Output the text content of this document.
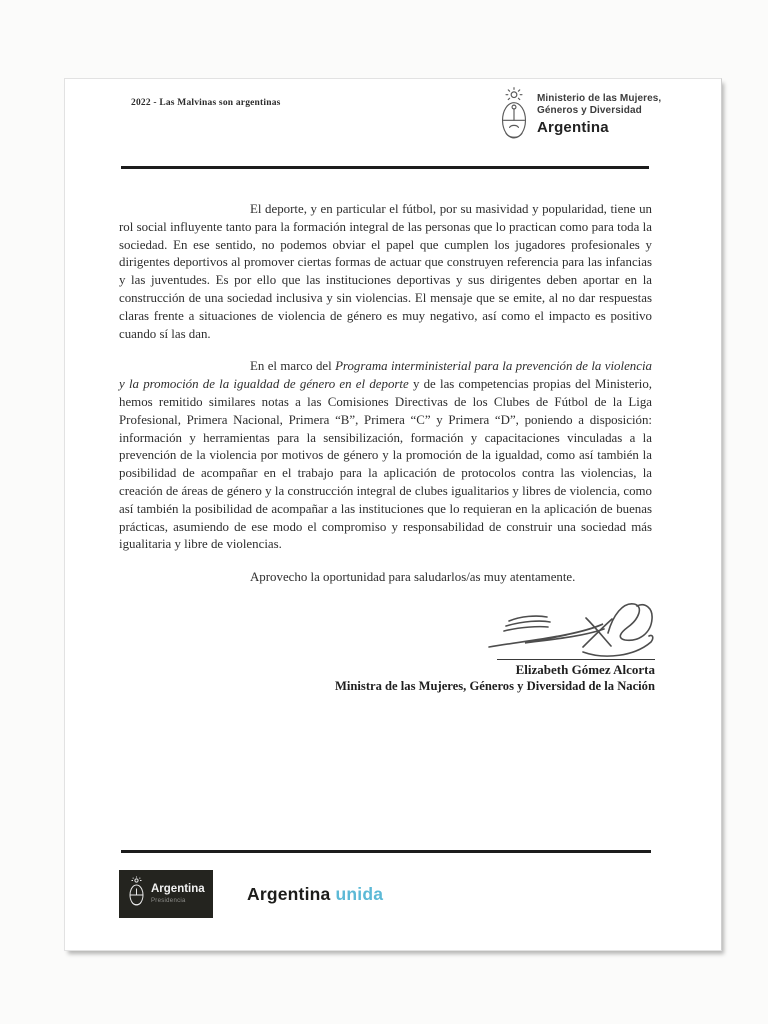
2022 - Las Malvinas son argentinas	Ministerio de las Mujeres,
Géneros y Diversidad
Argentina

El deporte, y en particular el fútbol, por su masividad y popularidad, tiene un rol social influyente tanto para la formación integral de las personas que lo practican como para toda la sociedad. En ese sentido, no podemos obviar el papel que cumplen los jugadores profesionales y dirigentes deportivos al promover ciertas formas de actuar que construyen referencia para las infancias y las juventudes. Es por ello que las instituciones deportivas y sus dirigentes deben aportar en la construcción de una sociedad inclusiva y sin violencias. El mensaje que se emite, al no dar respuestas claras frente a situaciones de violencia de género es muy negativo, así como el impacto es positivo cuando sí las dan.

En el marco del Programa interministerial para la prevención de la violencia y la promoción de la igualdad de género en el deporte y de las competencias propias del Ministerio, hemos remitido similares notas a las Comisiones Directivas de los Clubes de Fútbol de la Liga Profesional, Primera Nacional, Primera “B”, Primera “C” y Primera “D”, poniendo a disposición: información y herramientas para la sensibilización, formación y capacitaciones vinculadas a la prevención de la violencia por motivos de género y la promoción de la igualdad, como así también la posibilidad de acompañar en el trabajo para la aplicación de protocolos contra las violencias, la creación de áreas de género y la construcción integral de clubes igualitarios y libres de violencia, como así también la posibilidad de acompañar a las instituciones que lo requieran en la aplicación de buenas prácticas, asumiendo de ese modo el compromiso y responsabilidad de construir una sociedad más igualitaria y libre de violencias.

Aprovecho la oportunidad para saludarlos/as muy atentamente.

Elizabeth Gómez Alcorta
Ministra de las Mujeres, Géneros y Diversidad de la Nación
Argentina
Presidencia	Argentina unida
